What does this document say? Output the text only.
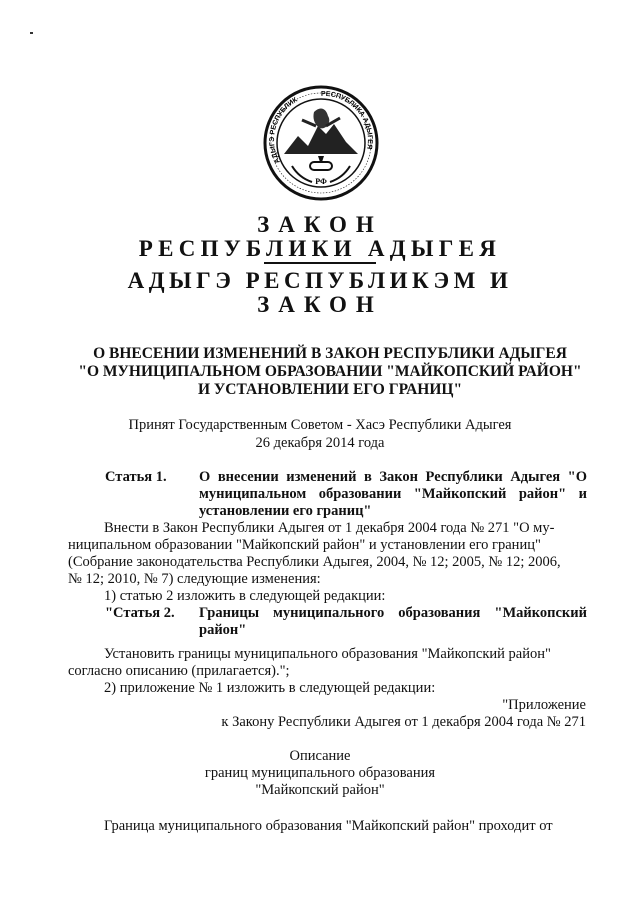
РФ
АДЫГЭ РЕСПУБЛИК
РЕСПУБЛИКА АДЫГЕЯ
ЗАКОН
РЕСПУБЛИКИ АДЫГЕЯ
АДЫГЭ РЕСПУБЛИКЭМ И
ЗАКОН
О ВНЕСЕНИИ ИЗМЕНЕНИЙ В ЗАКОН РЕСПУБЛИКИ АДЫГЕЯ
"О МУНИЦИПАЛЬНОМ ОБРАЗОВАНИИ "МАЙКОПСКИЙ РАЙОН"
И УСТАНОВЛЕНИИ ЕГО ГРАНИЦ"
Принят Государственным Советом - Хасэ Республики Адыгея
26 декабря 2014 года
Статья 1. О внесении изменений в Закон Республики Адыгея "О муниципальном образовании "Майкопский район" и установлении его границ"
Внести в Закон Республики Адыгея от 1 декабря 2004 года № 271 "О му-
ниципальном образовании "Майкопский район" и установлении его границ"
(Собрание законодательства Республики Адыгея, 2004, № 12; 2005, № 12; 2006,
№ 12; 2010, № 7) следующие изменения:
1) статью 2 изложить в следующей редакции:
"Статья 2. Границы муниципального образования "Майкопский район"
Установить границы муниципального образования "Майкопский район"
согласно описанию (прилагается).";
2) приложение № 1 изложить в следующей редакции:
"Приложение
к Закону Республики Адыгея от 1 декабря 2004 года № 271
Описание
границ муниципального образования
"Майкопский район"
Граница муниципального образования "Майкопский район" проходит от
